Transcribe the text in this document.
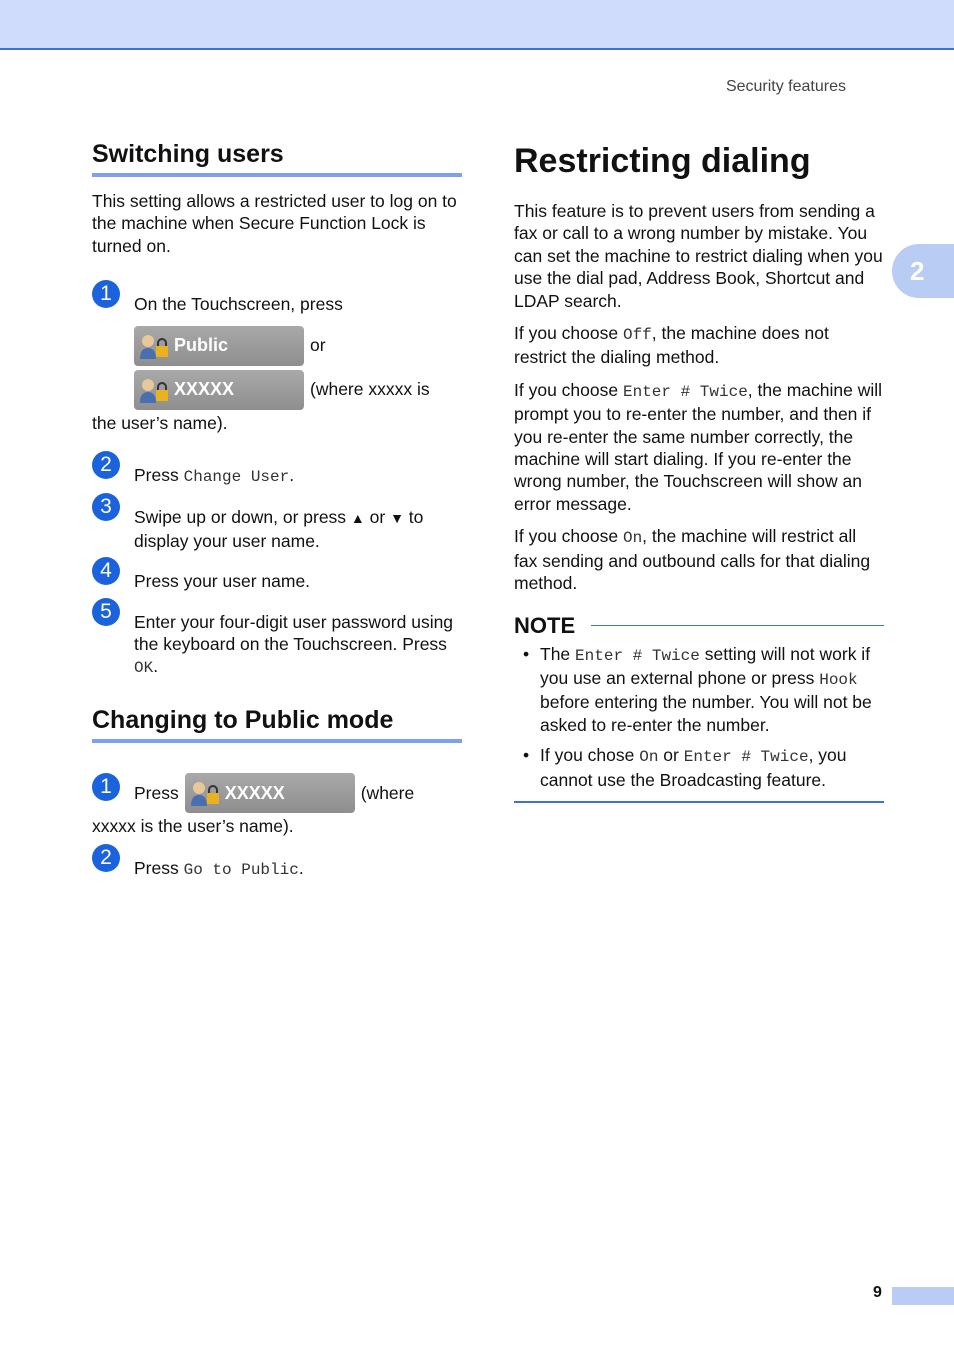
Security features
2
Switching users

This setting allows a restricted user to log on to the machine when Secure Function Lock is turned on.

1	On the Touchscreen, press
Public	or
XXXXX	(where xxxxx is
the user’s name).
2	Press Change User.
3	Swipe up or down, or press ▲ or ▼ to display your user name.
4	Press your user name.
5	Enter your four-digit user password using the keyboard on the Touchscreen. Press OK.
Changing to Public mode
1	Press	XXXXX	(where
xxxxx is the user’s name).
2	Press Go to Public.
Restricting dialing

This feature is to prevent users from sending a fax or call to a wrong number by mistake. You can set the machine to restrict dialing when you use the dial pad, Address Book, Shortcut and LDAP search.

If you choose Off, the machine does not restrict the dialing method.

If you choose Enter # Twice, the machine will prompt you to re-enter the number, and then if you re-enter the same number correctly, the machine will start dialing. If you re-enter the wrong number, the Touchscreen will show an error message.

If you choose On, the machine will restrict all fax sending and outbound calls for that dialing method.

NOTE
• The Enter # Twice setting will not work if you use an external phone or press Hook before entering the number. You will not be asked to re-enter the number.
• If you chose On or Enter # Twice, you cannot use the Broadcasting feature.
9
